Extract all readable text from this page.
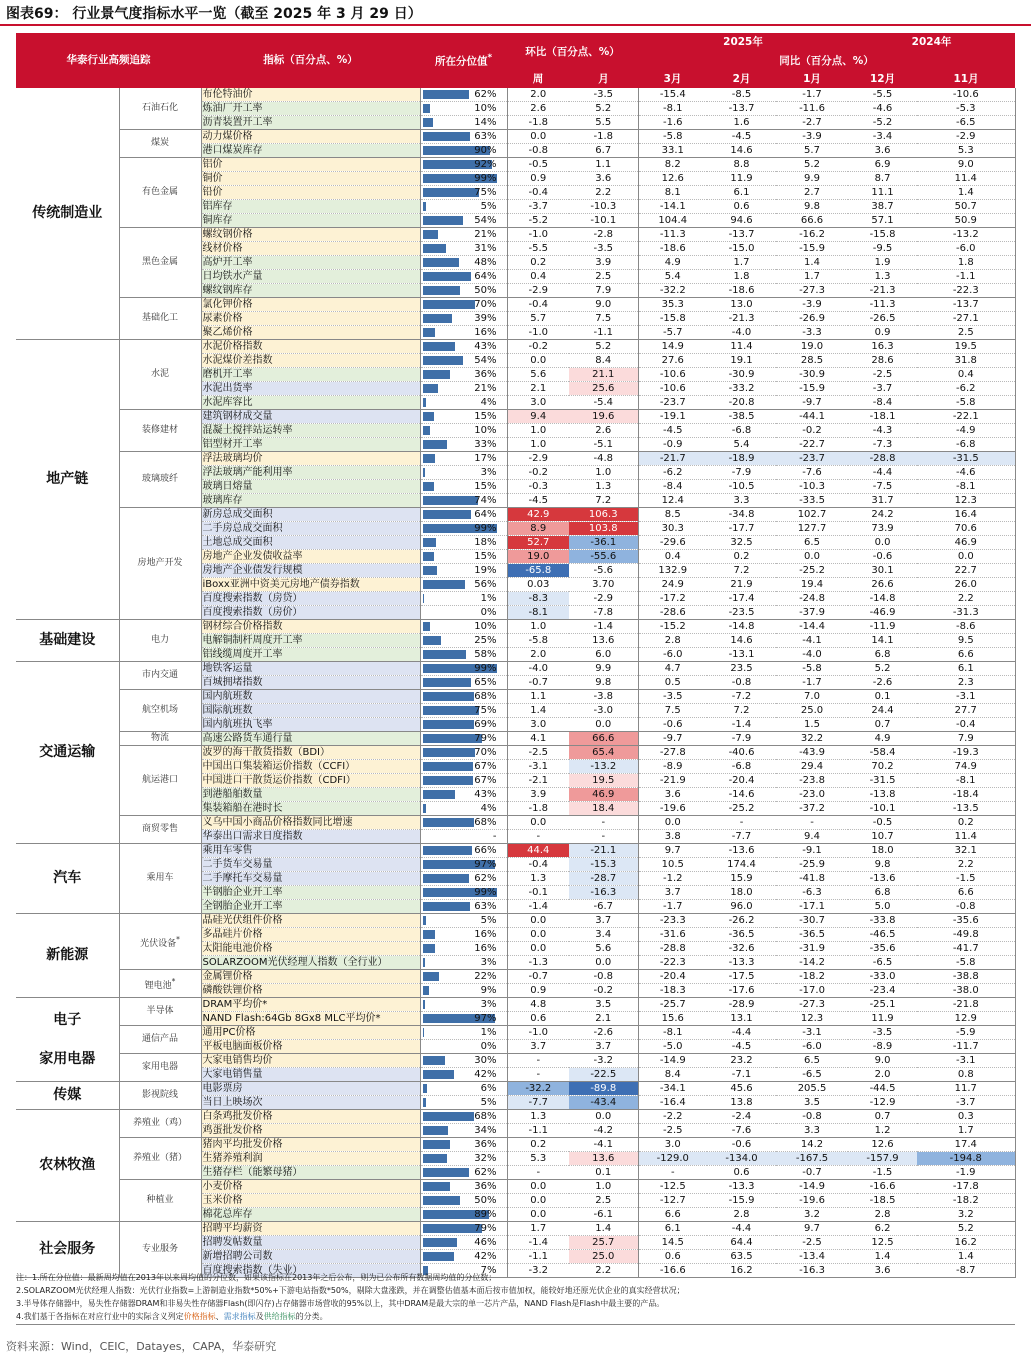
图表69： 行业景气度指标水平一览（截至 2025 年 3 月 29 日）
华泰行业高频追踪		指标（百分点、%）	所在分位值*	环比（百分点、%）		2025年			2024年	
						同比（百分点、%）				
				周	月	3月	2月	1月	12月	11月

传统制造业	石油石化	布伦特油价	62%	2.0	-3.5	-15.4	-8.5	-1.7	-5.5	-10.6
		炼油厂开工率	10%	2.6	5.2	-8.1	-13.7	-11.6	-4.6	-5.3
		沥青装置开工率	14%	-1.8	5.5	-1.6	1.6	-2.7	-5.2	-6.5
	煤炭	动力煤价格	63%	0.0	-1.8	-5.8	-4.5	-3.9	-3.4	-2.9
		港口煤炭库存	90%	-0.8	6.7	33.1	14.6	5.7	3.6	5.3
	有色金属	铝价	92%	-0.5	1.1	8.2	8.8	5.2	6.9	9.0
		铜价	99%	0.9	3.6	12.6	11.9	9.9	8.7	11.4
		铅价	75%	-0.4	2.2	8.1	6.1	2.7	11.1	1.4
		铝库存	5%	-3.7	-10.3	-14.1	0.6	9.8	38.7	50.7
		铜库存	54%	-5.2	-10.1	104.4	94.6	66.6	57.1	50.9
	黑色金属	螺纹钢价格	21%	-1.0	-2.8	-11.3	-13.7	-16.2	-15.8	-13.2
		线材价格	31%	-5.5	-3.5	-18.6	-15.0	-15.9	-9.5	-6.0
		高炉开工率	48%	0.2	3.9	4.9	1.7	1.4	1.9	1.8
		日均铁水产量	64%	0.4	2.5	5.4	1.8	1.7	1.3	-1.1
		螺纹钢库存	50%	-2.9	7.9	-32.2	-18.6	-27.3	-21.3	-22.3
	基础化工	氯化钾价格	70%	-0.4	9.0	35.3	13.0	-3.9	-11.3	-13.7
		尿素价格	39%	5.7	7.5	-15.8	-21.3	-26.9	-26.5	-27.1
		聚乙烯价格	16%	-1.0	-1.1	-5.7	-4.0	-3.3	0.9	2.5

地产链	水泥	水泥价格指数	43%	-0.2	5.2	14.9	11.4	19.0	16.3	19.5
		水泥煤价差指数	54%	0.0	8.4	27.6	19.1	28.5	28.6	31.8
		磨机开工率	36%	5.6	21.1	-10.6	-30.9	-30.9	-2.5	0.4
		水泥出货率	21%	2.1	25.6	-10.6	-33.2	-15.9	-3.7	-6.2
		水泥库容比	4%	3.0	-5.4	-23.7	-20.8	-9.7	-8.4	-5.8
	装修建材	建筑钢材成交量	15%	9.4	19.6	-19.1	-38.5	-44.1	-18.1	-22.1
		混凝土搅拌站运转率	10%	1.0	2.6	-4.5	-6.8	-0.2	-4.3	-4.9
		铝型材开工率	33%	1.0	-5.1	-0.9	5.4	-22.7	-7.3	-6.8
	玻璃玻纤	浮法玻璃均价	17%	-2.9	-4.8	-21.7	-18.9	-23.7	-28.8	-31.5
		浮法玻璃产能利用率	3%	-0.2	1.0	-6.2	-7.9	-7.6	-4.4	-4.6
		玻璃日熔量	15%	-0.3	1.3	-8.4	-10.5	-10.3	-7.5	-8.1
		玻璃库存	74%	-4.5	7.2	12.4	3.3	-33.5	31.7	12.3
	房地产开发	新房总成交面积	64%	42.9	106.3	8.5	-34.8	102.7	24.2	16.4
		二手房总成交面积	99%	8.9	103.8	30.3	-17.7	127.7	73.9	70.6
		土地总成交面积	18%	52.7	-36.1	-29.6	32.5	6.5	0.0	46.9
		房地产企业发债收益率	15%	19.0	-55.6	0.4	0.2	0.0	-0.6	0.0
		房地产企业债发行规模	19%	-65.8	-5.6	132.9	7.2	-25.2	30.1	22.7
		iBoxx亚洲中资美元房地产债券指数	56%	0.03	3.70	24.9	21.9	19.4	26.6	26.0
		百度搜索指数（房贷）	1%	-8.3	-2.9	-17.2	-17.4	-24.8	-14.8	2.2
		百度搜索指数（房价）	0%	-8.1	-7.8	-28.6	-23.5	-37.9	-46.9	-31.3

基础建设	电力	钢材综合价格指数	10%	1.0	-1.4	-15.2	-14.8	-14.4	-11.9	-8.6
		电解铜制杆周度开工率	25%	-5.8	13.6	2.8	14.6	-4.1	14.1	9.5
		铝线缆周度开工率	58%	2.0	6.0	-6.0	-13.1	-4.0	6.8	6.6

交通运输	市内交通	地铁客运量	99%	-4.0	9.9	4.7	23.5	-5.8	5.2	6.1
		百城拥堵指数	65%	-0.7	9.8	0.5	-0.8	-1.7	-2.6	2.3
	航空机场	国内航班数	68%	1.1	-3.8	-3.5	-7.2	7.0	0.1	-3.1
		国际航班数	75%	1.4	-3.0	7.5	7.2	25.0	24.4	27.7
		国内航班执飞率	69%	3.0	0.0	-0.6	-1.4	1.5	0.7	-0.4
	物流	高速公路货车通行量	79%	4.1	66.6	-9.7	-7.9	32.2	4.9	7.9
	航运港口	波罗的海干散货指数（BDI）	70%	-2.5	65.4	-27.8	-40.6	-43.9	-58.4	-19.3
		中国出口集装箱运价指数（CCFI）	67%	-3.1	-13.2	-8.9	-6.8	29.4	70.2	74.9
		中国进口干散货运价指数（CDFI）	67%	-2.1	19.5	-21.9	-20.4	-23.8	-31.5	-8.1
		到港船舶数量	43%	3.9	46.9	3.6	-14.6	-23.0	-13.8	-18.4
		集装箱船在港时长	4%	-1.8	18.4	-19.6	-25.2	-37.2	-10.1	-13.5
	商贸零售	义乌中国小商品价格指数同比增速	68%	0.0	-	0.0	-	-	-0.5	0.2
		华泰出口需求日度指数	-	-	-	3.8	-7.7	9.4	10.7	11.4

汽车	乘用车	乘用车零售	66%	44.4	-21.1	9.7	-13.6	-9.1	18.0	32.1
		二手货车交易量	97%	-0.4	-15.3	10.5	174.4	-25.9	9.8	2.2
		二手摩托车交易量	62%	1.3	-28.7	-1.2	15.9	-41.8	-13.6	-1.5
		半钢胎企业开工率	99%	-0.1	-16.3	3.7	18.0	-6.3	6.8	6.6
		全钢胎企业开工率	63%	-1.4	-6.7	-1.7	96.0	-17.1	5.0	-0.8

新能源	光伏设备*	晶硅光伏组件价格	5%	0.0	3.7	-23.3	-26.2	-30.7	-33.8	-35.6
		多晶硅片价格	16%	0.0	3.4	-31.6	-36.5	-36.5	-46.5	-49.8
		太阳能电池价格	16%	0.0	5.6	-28.8	-32.6	-31.9	-35.6	-41.7
		SOLARZOOM光伏经理人指数（全行业）	3%	-1.3	0.0	-22.3	-13.3	-14.2	-6.5	-5.8
	锂电池*	金属锂价格	22%	-0.7	-0.8	-20.4	-17.5	-18.2	-33.0	-38.8
		磷酸铁锂价格	9%	0.9	-0.2	-18.3	-17.6	-17.0	-23.4	-38.0

电子
家用电器	半导体	DRAM平均价*	3%	4.8	3.5	-25.7	-28.9	-27.3	-25.1	-21.8
		NAND Flash:64Gb 8Gx8 MLC平均价*	97%	0.6	2.1	15.6	13.1	12.3	11.9	12.9
	通信产品	通用PC价格	1%	-1.0	-2.6	-8.1	-4.4	-3.1	-3.5	-5.9
		平板电脑面板价格	0%	3.7	3.7	-5.0	-4.5	-6.0	-8.9	-11.7
	家用电器	大家电销售均价	30%	-	-3.2	-14.9	23.2	6.5	9.0	-3.1
		大家电销售量	42%	-	-22.5	8.4	-7.1	-6.5	2.0	0.8

传媒	影视院线	电影票房	6%	-32.2	-89.8	-34.1	45.6	205.5	-44.5	11.7
		当日上映场次	5%	-7.7	-43.4	-16.4	13.8	3.5	-12.9	-3.7

农林牧渔	养殖业（鸡）	白条鸡批发价格	68%	1.3	0.0	-2.2	-2.4	-0.8	0.7	0.3
		鸡蛋批发价格	34%	-1.1	-4.2	-2.5	-7.6	3.3	1.2	1.7
	养殖业（猪）	猪肉平均批发价格	36%	0.2	-4.1	3.0	-0.6	14.2	12.6	17.4
		生猪养殖利润	32%	5.3	13.6	-129.0	-134.0	-167.5	-157.9	-194.8
		生猪存栏（能繁母猪）	62%	-	0.1	-	0.6	-0.7	-1.5	-1.9
	种植业	小麦价格	36%	0.0	1.0	-12.5	-13.3	-14.9	-16.6	-17.8
		玉米价格	50%	0.0	2.5	-12.7	-15.9	-19.6	-18.5	-18.2
		棉花总库存	89%	0.0	-6.1	6.6	2.8	3.2	2.8	3.2

社会服务	专业服务	招聘平均薪资	79%	1.7	1.4	6.1	-4.4	9.7	6.2	5.2
		招聘发帖数量	46%	-1.4	25.7	14.5	64.4	-2.5	12.5	16.2
		新增招聘公司数	42%	-1.1	25.0	0.6	63.5	-13.4	1.4	1.4
		百度搜索指数（失业）	7%	-3.2	2.2	-16.6	16.2	-16.3	3.6	-8.7
注：1.所在分位值：最新周均值在2013年以来周均值的分位数，如果该指标在2013年之后公布，则为已公布所有数据周均值的分位数；
2.SOLARZOOM光伏经理人指数：光伏行业指数=上游制造业指数*50%+下游电站指数*50%，剔除大盘涨跌，并在调整估值基本面后按市值加权，能较好地还原光伏企业的真实经营状况；
3.半导体存储器中，易失性存储器DRAM和非易失性存储器Flash(即闪存)占存储器市场营收的95%以上，其中DRAM是最大宗的单一芯片产品，NAND Flash是Flash中最主要的产品。
4.我们基于各指标在对应行业中的实际含义列定价格指标、需求指标及供给指标的分类。
资料来源：Wind，CEIC，Datayes，CAPA，华泰研究
